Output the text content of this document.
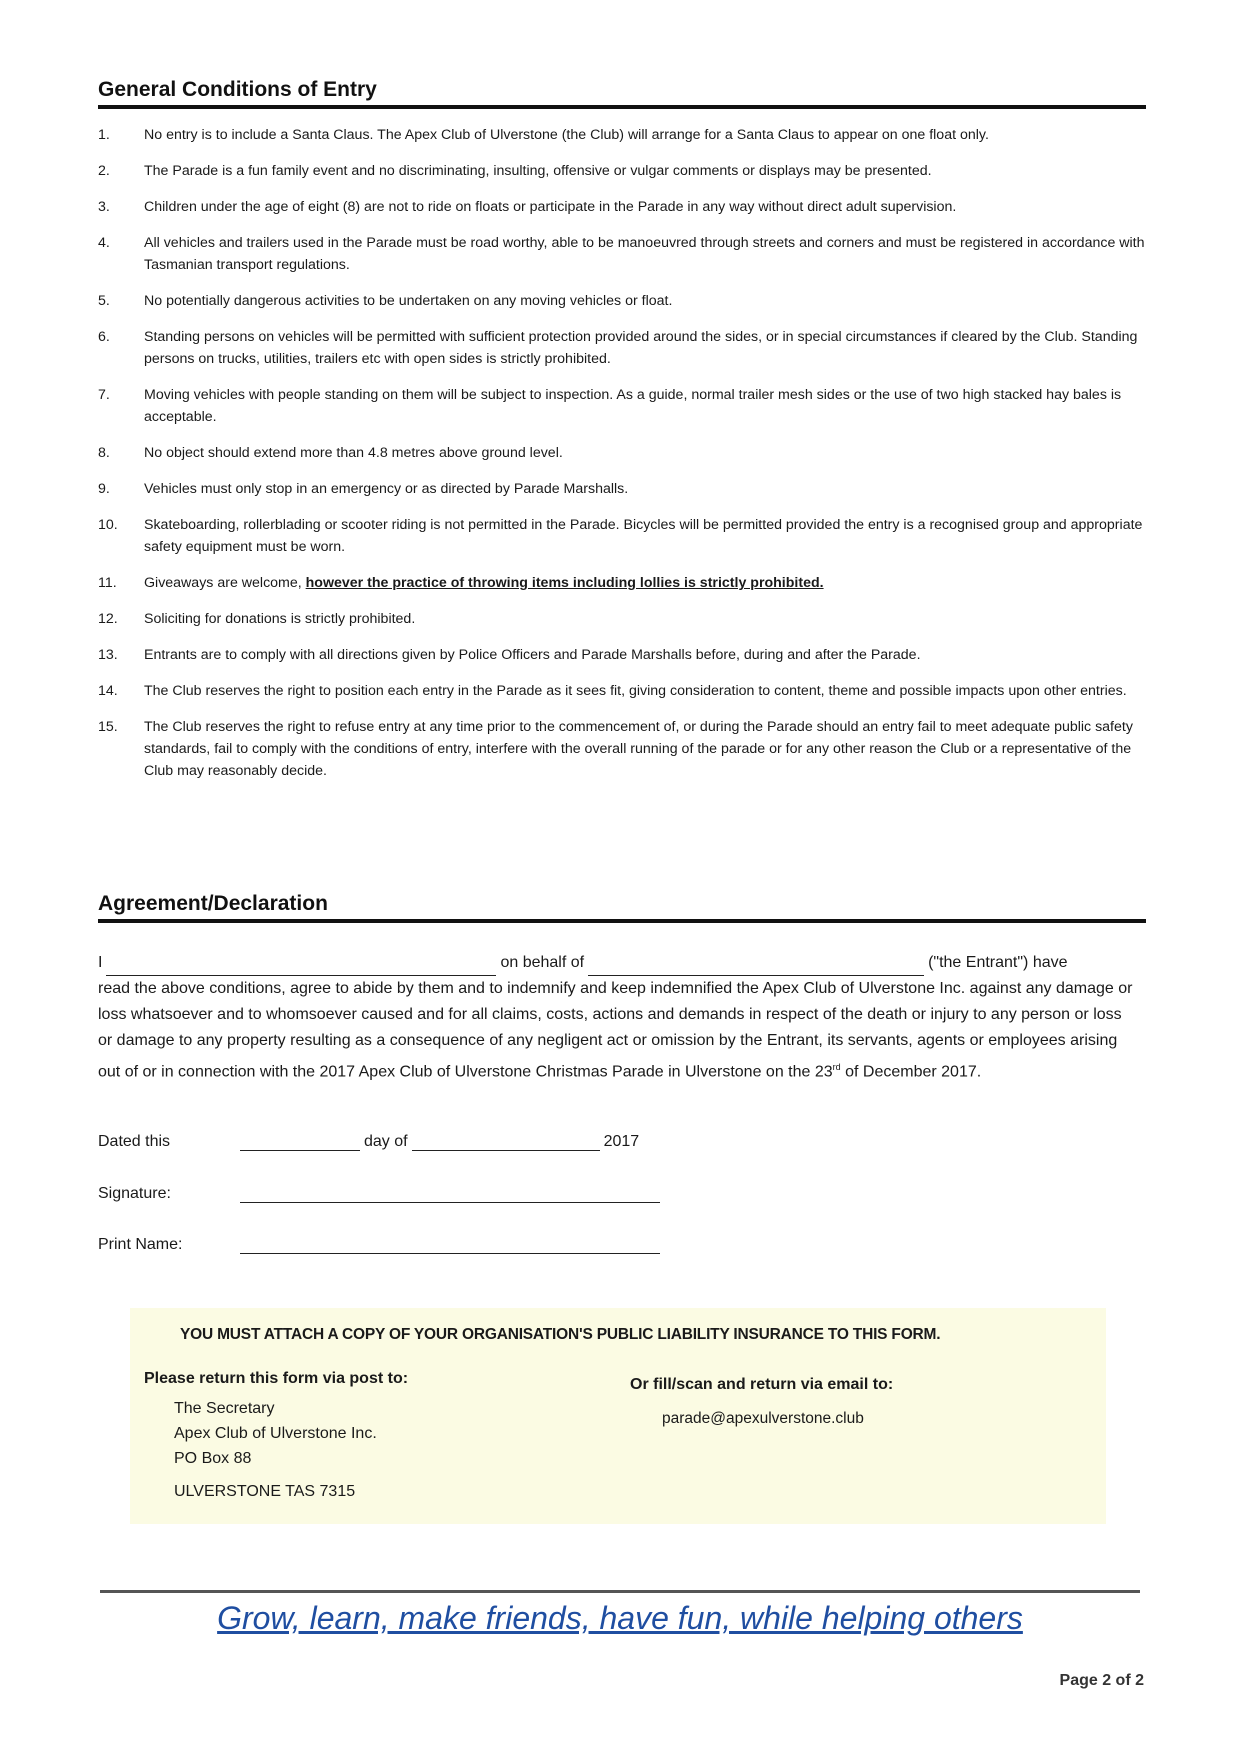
General Conditions of Entry
1.	No entry is to include a Santa Claus. The Apex Club of Ulverstone (the Club) will arrange for a Santa Claus to appear on one float only.
2.	The Parade is a fun family event and no discriminating, insulting, offensive or vulgar comments or displays may be presented.
3.	Children under the age of eight (8) are not to ride on floats or participate in the Parade in any way without direct adult supervision.
4.	All vehicles and trailers used in the Parade must be road worthy, able to be manoeuvred through streets and corners and must be registered in accordance with Tasmanian transport regulations.
5.	No potentially dangerous activities to be undertaken on any moving vehicles or float.
6.	Standing persons on vehicles will be permitted with sufficient protection provided around the sides, or in special circumstances if cleared by the Club. Standing persons on trucks, utilities, trailers etc with open sides is strictly prohibited.
7.	Moving vehicles with people standing on them will be subject to inspection. As a guide, normal trailer mesh sides or the use of two high stacked hay bales is acceptable.
8.	No object should extend more than 4.8 metres above ground level.
9.	Vehicles must only stop in an emergency or as directed by Parade Marshalls.
10.	Skateboarding, rollerblading or scooter riding is not permitted in the Parade. Bicycles will be permitted provided the entry is a recognised group and appropriate safety equipment must be worn.
11.	Giveaways are welcome, however the practice of throwing items including lollies is strictly prohibited.
12.	Soliciting for donations is strictly prohibited.
13.	Entrants are to comply with all directions given by Police Officers and Parade Marshalls before, during and after the Parade.
14.	The Club reserves the right to position each entry in the Parade as it sees fit, giving consideration to content, theme and possible impacts upon other entries.
15.	The Club reserves the right to refuse entry at any time prior to the commencement of, or during the Parade should an entry fail to meet adequate public safety standards, fail to comply with the conditions of entry, interfere with the overall running of the parade or for any other reason the Club or a representative of the Club may reasonably decide.
Agreement/Declaration
I	on behalf of	("the Entrant") have
read the above conditions, agree to abide by them and to indemnify and keep indemnified the Apex Club of Ulverstone Inc. against any damage or loss whatsoever and to whomsoever caused and for all claims, costs, actions and demands in respect of the death or injury to any person or loss or damage to any property resulting as a consequence of any negligent act or omission by the Entrant, its servants, agents or employees arising out of or in connection with the 2017 Apex Club of Ulverstone Christmas Parade in Ulverstone on the 23rd of December 2017.
Dated this	day of	2017
Signature:
Print Name:
YOU MUST ATTACH A COPY OF YOUR ORGANISATION'S PUBLIC LIABILITY INSURANCE TO THIS FORM.
Please return this form via post to:
The Secretary
Apex Club of Ulverstone Inc.
PO Box 88
ULVERSTONE TAS 7315
Or fill/scan and return via email to:
parade@apexulverstone.club
Grow, learn, make friends, have fun, while helping others
Page 2 of 2
